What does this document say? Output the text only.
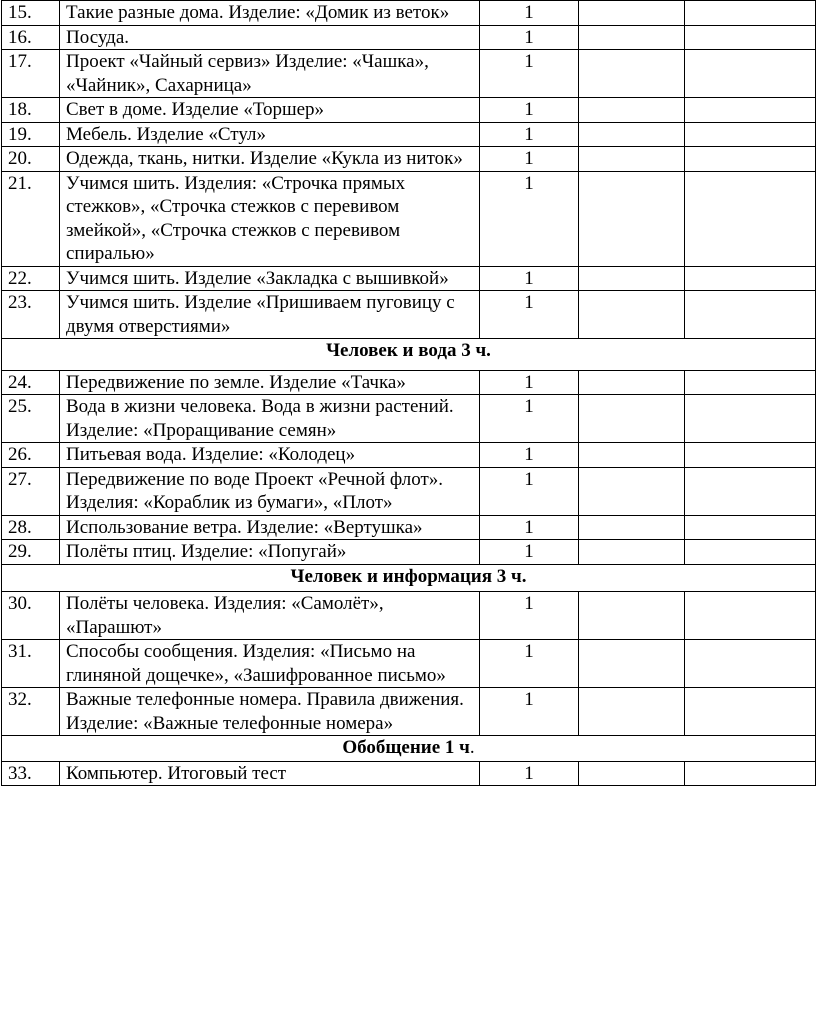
15.	Такие разные дома. Изделие: «Домик из веток»	1		
16.	Посуда.	1		
17.	Проект «Чайный сервиз» Изделие: «Чашка», «Чайник», Сахарница»	1		
18.	Свет в доме. Изделие «Торшер»	1		
19.	Мебель. Изделие «Стул»	1		
20.	Одежда, ткань, нитки. Изделие «Кукла из ниток»	1		
21.	Учимся шить. Изделия: «Строчка прямых стежков», «Строчка стежков с перевивом змейкой», «Строчка стежков с перевивом спиралью»	1		
22.	Учимся шить. Изделие «Закладка с вышивкой»	1		
23.	Учимся шить. Изделие «Пришиваем пуговицу с двумя отверстиями»	1		
Человек и вода 3 ч.				
24.	Передвижение по земле. Изделие «Тачка»	1		
25.	Вода в жизни человека. Вода в жизни растений. Изделие: «Проращивание семян»	1		
26.	Питьевая вода. Изделие: «Колодец»	1		
27.	Передвижение по воде Проект «Речной флот». Изделия: «Кораблик из бумаги», «Плот»	1		
28.	Использование ветра. Изделие: «Вертушка»	1		
29.	Полёты птиц. Изделие: «Попугай»	1		
Человек и информация 3 ч.				
30.	Полёты человека. Изделия: «Самолёт», «Парашют»	1		
31.	Способы сообщения. Изделия: «Письмо на глиняной дощечке», «Зашифрованное письмо»	1		
32.	Важные телефонные номера. Правила движения. Изделие: «Важные телефонные номера»	1		
Обобщение 1 ч.				
33.	Компьютер. Итоговый тест	1		
